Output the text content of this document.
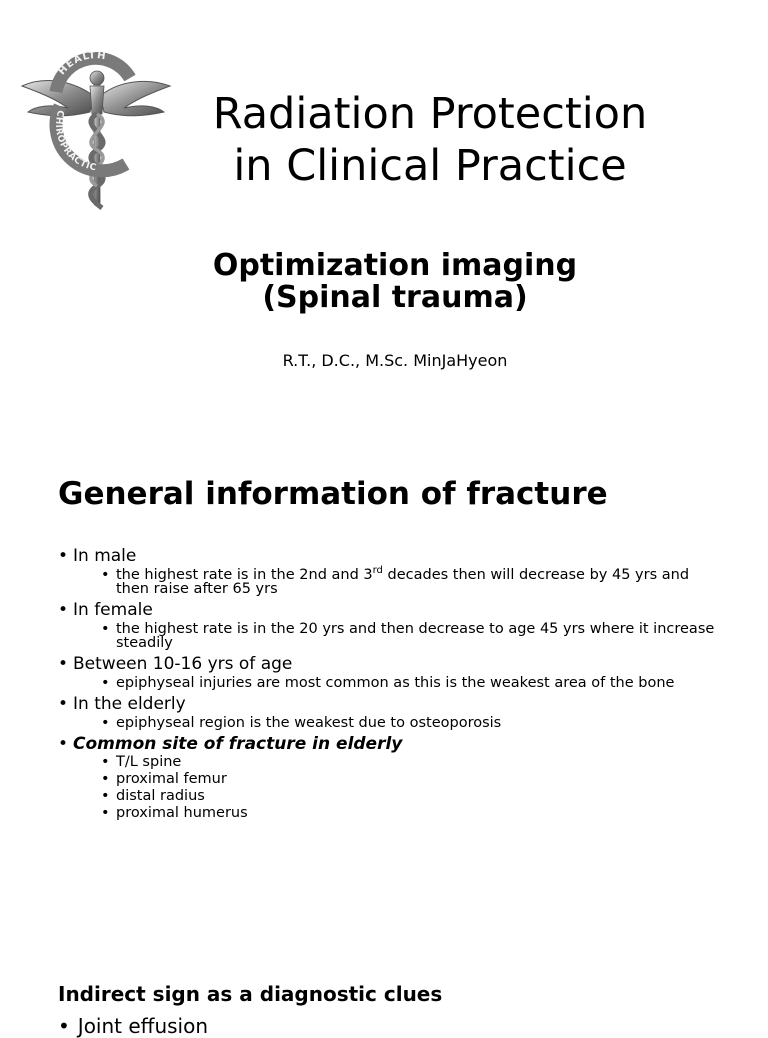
HEALTH
CHIROPRACTIC
Radiation Protection
in Clinical Practice
Optimization imaging
(Spinal trauma)
R.T., D.C., M.Sc. MinJaHyeon
General information of fracture
• In male
• the highest rate is in the 2nd and 3rd decades then will decrease by 45 yrs and then raise after 65 yrs
• In female
• the highest rate is in the 20 yrs and then decrease to age 45 yrs where it increase steadily
• Between 10-16 yrs of age
• epiphyseal injuries are most common as this is the weakest area of the bone
• In the elderly
• epiphyseal region is the weakest due to osteoporosis
• Common site of fracture in elderly
• T/L spine
• proximal femur
• distal radius
• proximal humerus
Indirect sign as a diagnostic clues
• Joint effusion
